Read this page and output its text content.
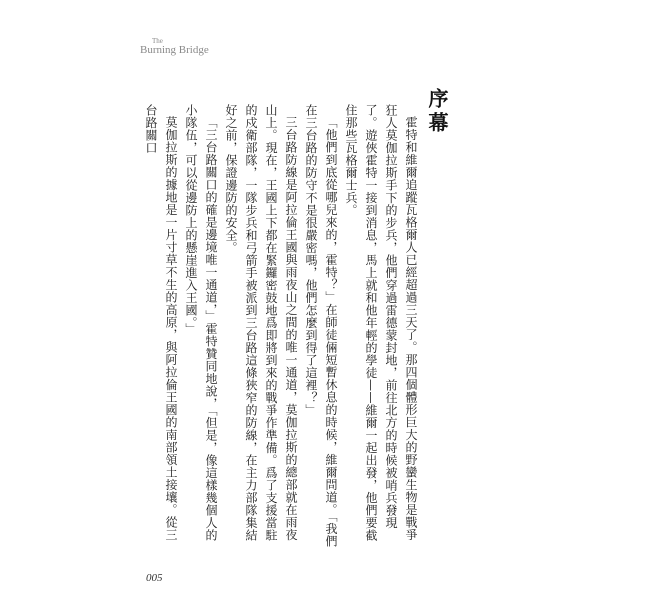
The
Burning Bridge
序幕

霍特和維爾追蹤瓦格爾人已經超過三天了。那四個體形巨大的野蠻生物是戰爭狂人莫伽拉斯手下的步兵，他們穿過雷德蒙封地，前往北方的時候被哨兵發現了。遊俠霍特一接到消息，馬上就和他年輕的學徒——維爾一起出發，他們要截住那些瓦格爾士兵。

「他們到底從哪兒來的，霍特？」在師徒倆短暫休息的時候，維爾問道。「我們在三台路的防守不是很嚴密嗎，他們怎麼到得了這裡？」

三台路防線是阿拉倫王國與雨夜山之間的唯一通道，莫伽拉斯的總部就在雨夜山上。現在，王國上下都在緊鑼密鼓地爲即將到來的戰爭作準備。爲了支援當駐的戍衛部隊，一隊步兵和弓箭手被派到三台路這條狹窄的防線，在主力部隊集結好之前，保證邊防的安全。

「三台路關口的確是邊境唯一通道，」霍特贊同地說，「但是，像這樣幾個人的小隊伍，可以從邊防上的懸崖進入王國。」

莫伽拉斯的據地是一片寸草不生的高原，與阿拉倫王國的南部領土接壤。從三台路關口

005
